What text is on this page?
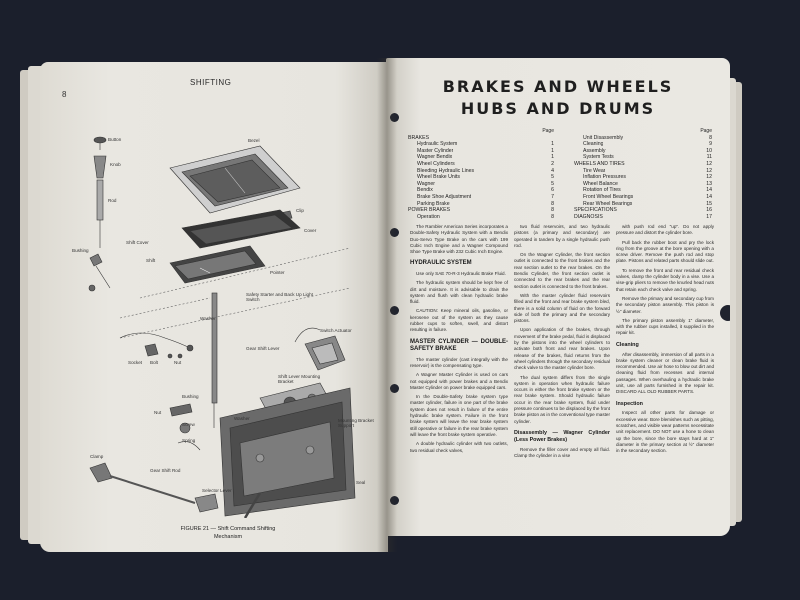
SHIFTING
8
Button
Knob
Rod
Bushing
Bezel
Clip
Cover
Shift Cover
Shift
Pointer
Safety Starter and Back Up Light Switch
Washer
Socket Bolt	Nut
Switch Actuator
Gear Shift Lever
Shift Lever Mounting Bracket
Mounting Bracket Support
Bushing
Nut
Screw
Spring
Washer
Clamp
Gear Shift Rod
Selector Lever
Seal
FIGURE 21 — Shift Command Shifting
Mechanism
BRAKES AND WHEELS
HUBS AND DRUMS
Page
BRAKES
Hydraulic System	1
Master Cylinder	1
Wagner Bendix	1
Wheel Cylinders	2
Bleeding Hydraulic Lines	4
Wheel Brake Units	5
Wagner	5
Bendix	6
Brake Shoe Adjustment	7
Parking Brake	8
POWER BRAKES	8
Operation	8
Page
Unit Disassembly	8
Cleaning	9
Assembly	10
System Tests	11
WHEELS AND TIRES	12
Tire Wear	12
Inflation Pressures	12
Wheel Balance	13
Rotation of Tires	14
Front Wheel Bearings	14
Rear Wheel Bearings	15
SPECIFICATIONS	16
DIAGNOSIS	17

The Rambler American Series incorporates a Double-Safety Hydraulic System with a Bendix Duo-Servo Type Brake on the cars with 199 Cubic Inch Engine and a Wagner Compound Shoe Type Brake with 232 Cubic Inch Engine.

HYDRAULIC SYSTEM

Use only SAE 70-R-3 Hydraulic Brake Fluid.

The hydraulic system should be kept free of dirt and moisture. It is advisable to drain the system and flush with clean hydraulic brake fluid.

CAUTION: Keep mineral oils, gasoline, or kerosene out of the system as they cause rubber cups to soften, swell, and distort resulting in failure.

MASTER CYLINDER — DOUBLE-SAFETY BRAKE

The master cylinder (cast integrally with the reservoir) is the compensating type.

A Wagner Master Cylinder is used on cars not equipped with power brakes and a Bendix Master Cylinder on power brake equipped cars.

In the Double-Safety brake system type master cylinder, failure in one part of the brake system does not result in failure of the entire hydraulic brake system. Failure in the front brake system will leave the rear brake system still operative or failure in the rear brake system will leave the front brake system operative.

A double hydraulic cylinder with two outlets, two residual check valves,

two fluid reservoirs, and two hydraulic pistons (a primary and secondary) are operated in tandem by a single hydraulic push rod.

On the Wagner Cylinder, the front section outlet is connected to the front brakes and the rear section outlet to the rear brakes. On the Bendix Cylinder, the front section outlet is connected to the rear brakes and the rear section outlet is connected to the front brakes.

With the master cylinder fluid reservoirs filled and the front and rear brake system bled, there is a solid column of fluid on the forward side of both the primary and the secondary pistons.

Upon application of the brakes, through movement of the brake pedal, fluid is displaced by the pistons into the wheel cylinders to activate both front and rear brakes. Upon release of the brakes, fluid returns from the wheel cylinders through the secondary residual check valve to the master cylinder bore.

The dual system differs from the single system in operation when hydraulic failure occurs in either the front brake system or the rear brake system. Should hydraulic failure occur in the rear brake system, fluid under pressure continues to be displaced by the front brake piston as in the conventional type master cylinder.

Disassembly — Wagner Cylinder (Less Power Brakes)

Remove the filler cover and empty all fluid. Clamp the cylinder in a vise

with push rod end "up". Do not apply pressure and distort the cylinder bore.

Pull back the rubber boot and pry the lock ring from the groove at the bore opening with a screw driver. Remove the push rod and stop plate. Pistons and related parts should slide out.

To remove the front and rear residual check valves, clamp the cylinder body in a vise. Use a vise-grip pliers to remove the knurled head nuts that retain each check valve and spring.

Remove the primary and secondary cup from the secondary piston assembly. This piston is ½" diameter.

The primary piston assembly 1" diameter, with the rubber cups installed, it supplied in the repair kit.

Cleaning

After disassembly, immersion of all parts in a brake system cleaner or clean brake fluid is recommended. Use air hose to blow out dirt and cleaning fluid from recesses and internal passages. When overhauling a hydraulic brake unit, use all parts furnished in the repair kit. DISCARD ALL OLD RUBBER PARTS.

Inspection

Inspect all other parts for damage or excessive wear. Bore blemishes such as pitting, scratches, and visible wear patterns necessitate unit replacement. DO NOT use a hone to clean up the bore, since the bore stays hard at 1" diameter in the primary section at ½" diameter in the secondary section.
